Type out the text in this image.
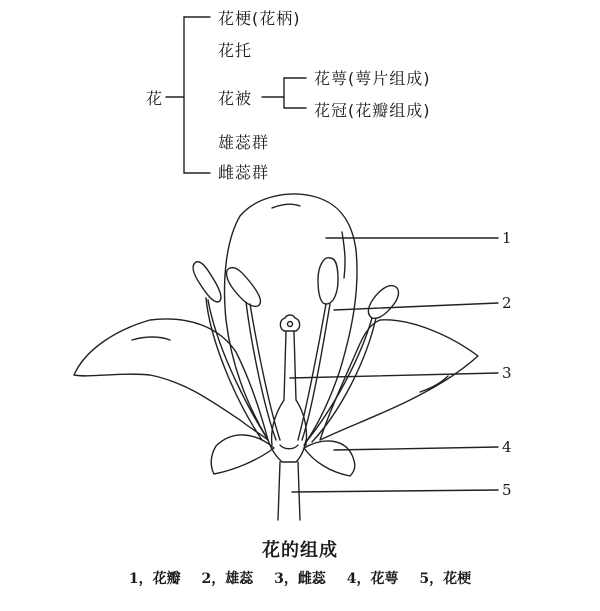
花
花梗(花柄)
花托
花被
花萼(萼片组成)
花冠(花瓣组成)
雄蕊群
雌蕊群
1
2
3
4
5
花的组成
1，花瓣 2，雄蕊 3，雌蕊 4，花萼 5，花梗
